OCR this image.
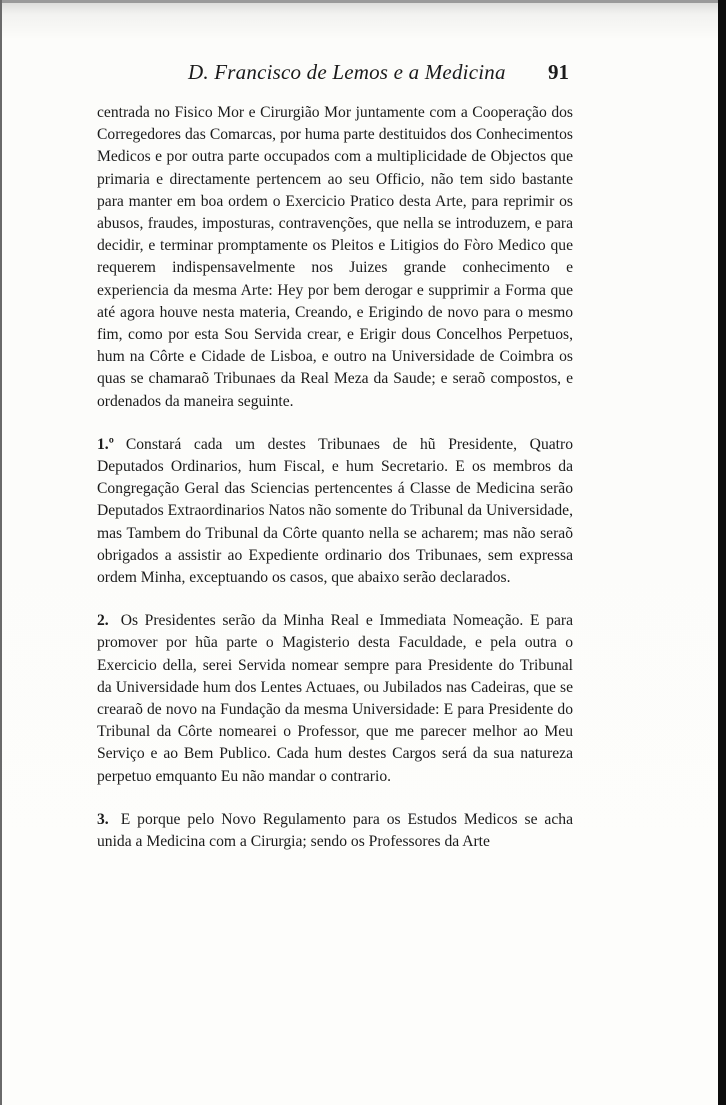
D. Francisco de Lemos e a Medicina 91

centrada no Fisico Mor e Cirurgião Mor juntamente com a Cooperação dos Corregedores das Comarcas, por huma parte destituidos dos Conhecimentos Medicos e por outra parte occupados com a multiplicidade de Objectos que primaria e directamente pertencem ao seu Officio, não tem sido bastante para manter em boa ordem o Exercicio Pratico desta Arte, para reprimir os abusos, fraudes, imposturas, contravenções, que nella se introduzem, e para decidir, e terminar promptamente os Pleitos e Litigios do Fòro Medico que requerem indispensavelmente nos Juizes grande conhecimento e experiencia da mesma Arte: Hey por bem derogar e supprimir a Forma que até agora houve nesta materia, Creando, e Erigindo de novo para o mesmo fim, como por esta Sou Servida crear, e Erigir dous Concelhos Perpetuos, hum na Côrte e Cidade de Lisboa, e outro na Universidade de Coimbra os quas se chamaraõ Tribunaes da Real Meza da Saude; e seraõ compostos, e ordenados da maneira seguinte.

1.º Constará cada um destes Tribunaes de hũ Presidente, Quatro Deputados Ordinarios, hum Fiscal, e hum Secretario. E os membros da Congregação Geral das Sciencias pertencentes á Classe de Medicina serão Deputados Extraordinarios Natos não somente do Tribunal da Universidade, mas Tambem do Tribunal da Côrte quanto nella se acharem; mas não seraõ obrigados a assistir ao Expediente ordinario dos Tribunaes, sem expressa ordem Minha, exceptuando os casos, que abaixo serão declarados.

2. Os Presidentes serão da Minha Real e Immediata Nomeação. E para promover por hũa parte o Magisterio desta Faculdade, e pela outra o Exercicio della, serei Servida nomear sempre para Presidente do Tribunal da Universidade hum dos Lentes Actuaes, ou Jubilados nas Cadeiras, que se crearaõ de novo na Fundação da mesma Universidade: E para Presidente do Tribunal da Côrte nomearei o Professor, que me parecer melhor ao Meu Serviço e ao Bem Publico. Cada hum destes Cargos será da sua natureza perpetuo emquanto Eu não mandar o contrario.

3. E porque pelo Novo Regulamento para os Estudos Medicos se acha unida a Medicina com a Cirurgia; sendo os Professores da Arte
